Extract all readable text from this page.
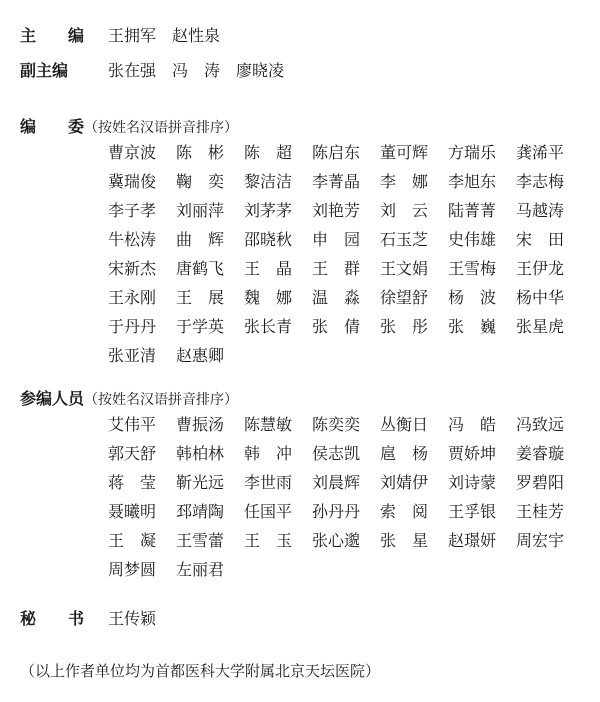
主　　编 王拥军　赵性泉
副主编 张在强　冯　涛　廖晓凌
编　　委（按姓名汉语拼音排序）
曹京波	陈　彬	陈　超	陈启东	董可辉	方瑞乐	龚浠平
冀瑞俊	鞠　奕	黎洁洁	李菁晶	李　娜	李旭东	李志梅
李子孝	刘丽萍	刘茅茅	刘艳芳	刘　云	陆菁菁	马越涛
牛松涛	曲　辉	邵晓秋	申　园	石玉芝	史伟雄	宋　田
宋新杰	唐鹤飞	王　晶	王　群	王文娟	王雪梅	王伊龙
王永刚	王　展	魏　娜	温　淼	徐望舒	杨　波	杨中华
于丹丹	于学英	张长青	张　倩	张　彤	张　巍	张星虎
张亚清	赵惠卿
参编人员（按姓名汉语拼音排序）
艾伟平	曹振汤	陈慧敏	陈奕奕	丛衡日	冯　皓	冯致远
郭天舒	韩柏林	韩　冲	侯志凯	扈　杨	贾娇坤	姜睿璇
蒋　莹	靳光远	李世雨	刘晨辉	刘婧伊	刘诗蒙	罗碧阳
聂曦明	邳靖陶	任国平	孙丹丹	索　阅	王孚银	王桂芳
王　凝	王雪蕾	王　玉	张心邈	张　星	赵璟妍	周宏宇
周梦圆	左丽君
秘　　书 王传颖
（以上作者单位均为首都医科大学附属北京天坛医院）
